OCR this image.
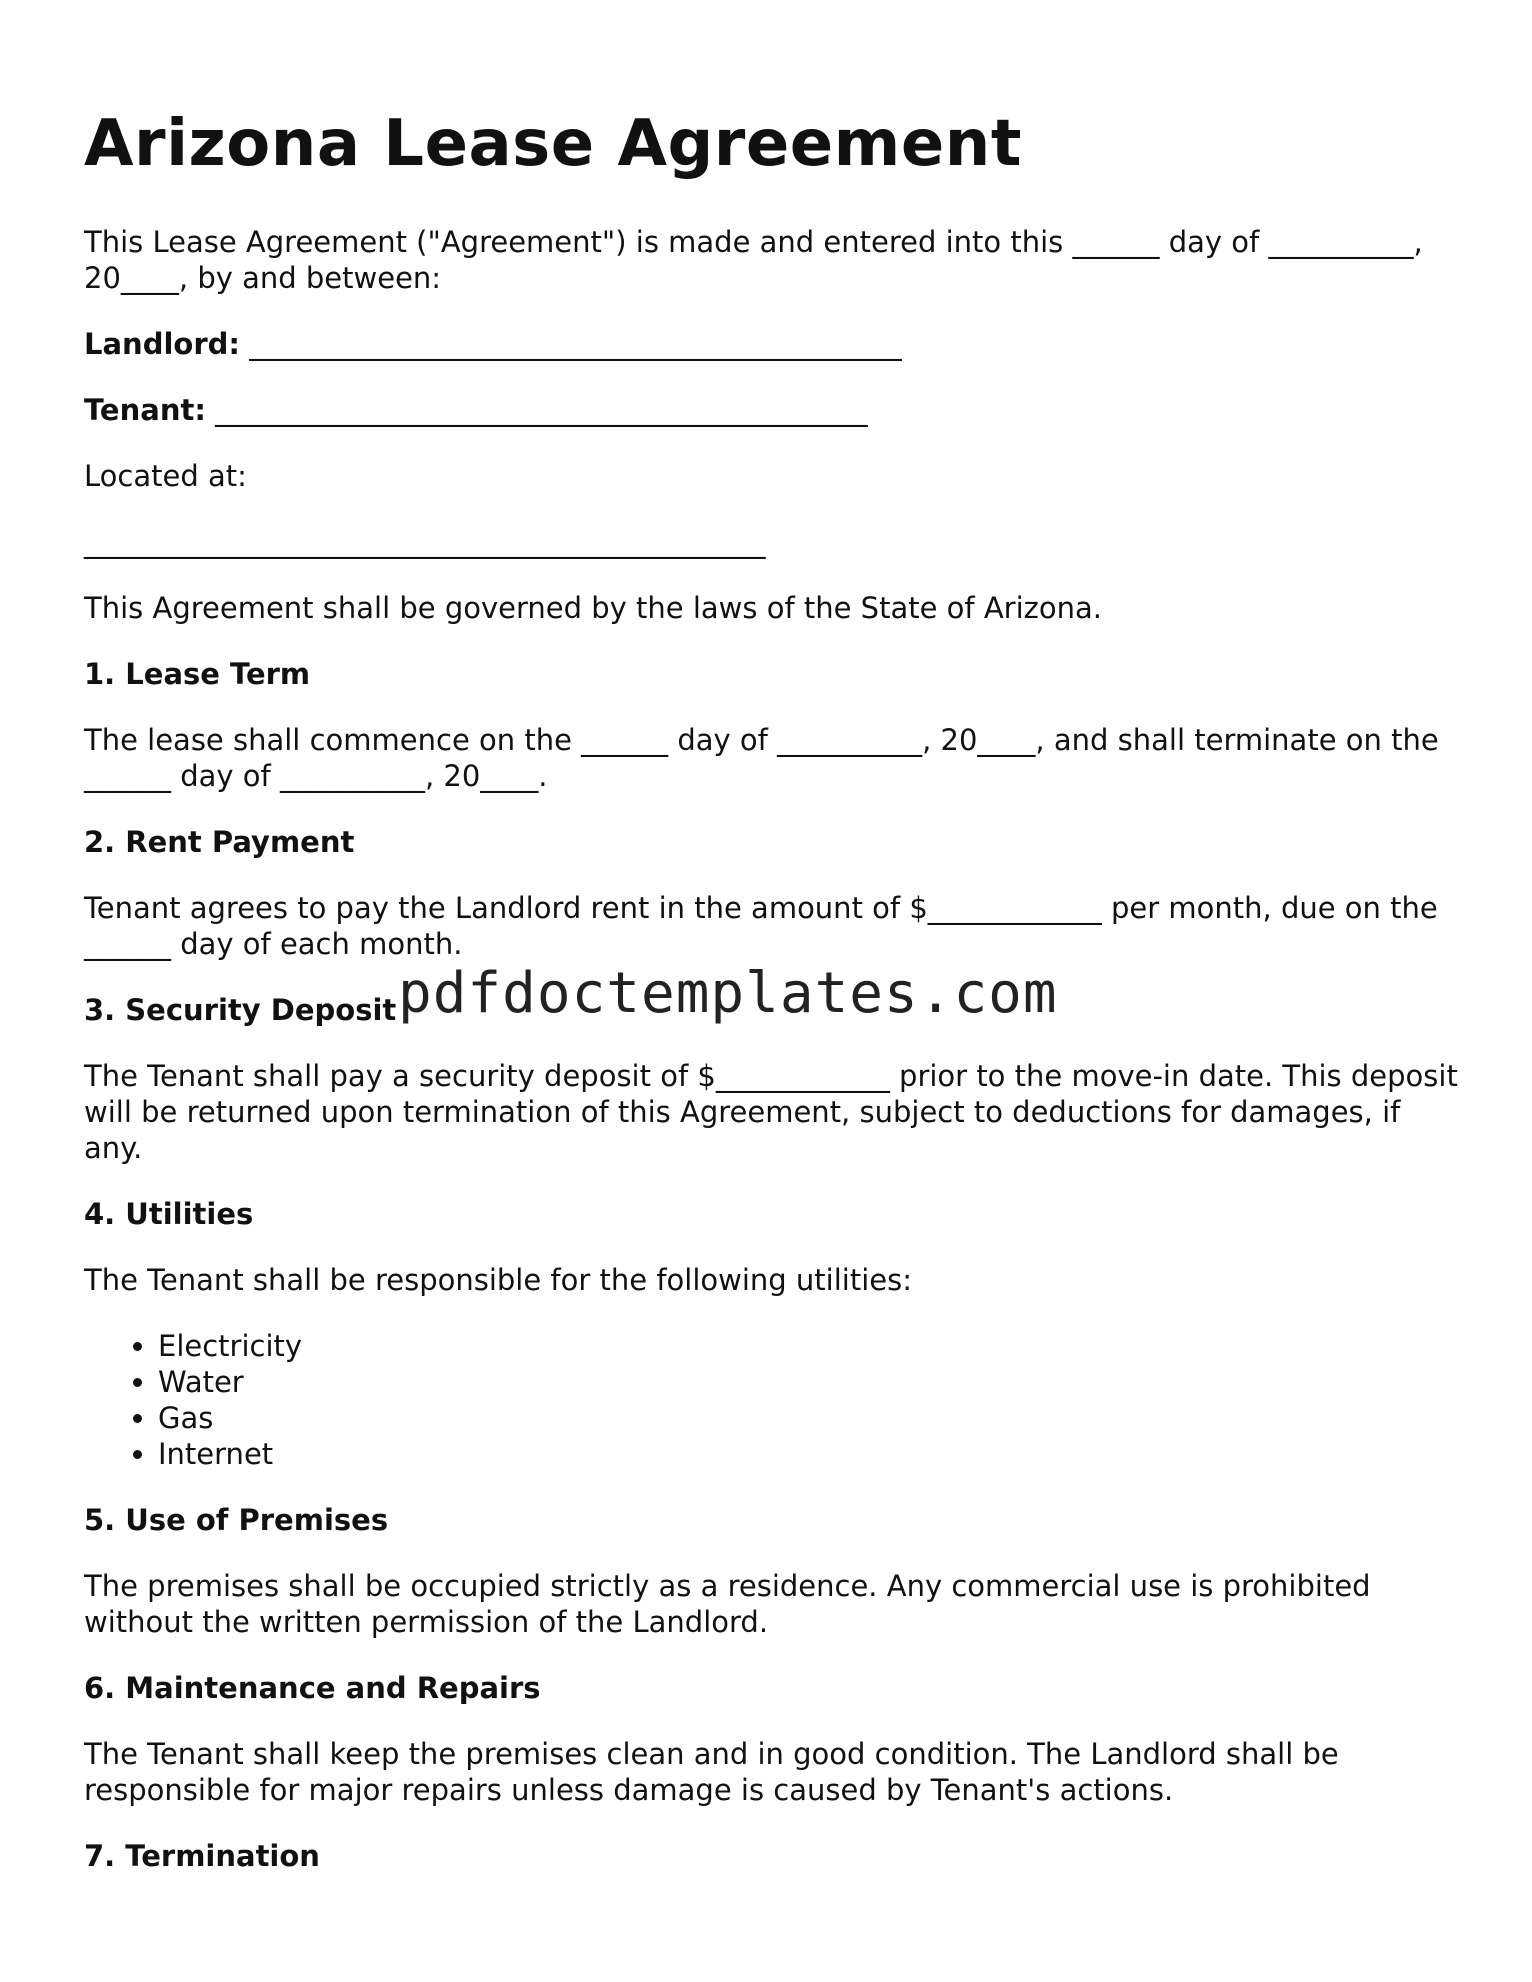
Arizona Lease Agreement

This Lease Agreement ("Agreement") is made and entered into this ______ day of __________, 20____, by and between:

Landlord: _____________________________________________

Tenant: _____________________________________________

Located at:

_______________________________________________

This Agreement shall be governed by the laws of the State of Arizona.

1. Lease Term

The lease shall commence on the ______ day of __________, 20____, and shall terminate on the ______ day of __________, 20____.

2. Rent Payment

Tenant agrees to pay the Landlord rent in the amount of $____________ per month, due on the ______ day of each month.

3. Security Deposit

The Tenant shall pay a security deposit of $____________ prior to the move-in date. This deposit will be returned upon termination of this Agreement, subject to deductions for damages, if any.

4. Utilities

The Tenant shall be responsible for the following utilities:

• Electricity
• Water
• Gas
• Internet
5. Use of Premises

The premises shall be occupied strictly as a residence. Any commercial use is prohibited without the written permission of the Landlord.

6. Maintenance and Repairs

The Tenant shall keep the premises clean and in good condition. The Landlord shall be responsible for major repairs unless damage is caused by Tenant's actions.

7. Termination
pdfdoctemplates.com
